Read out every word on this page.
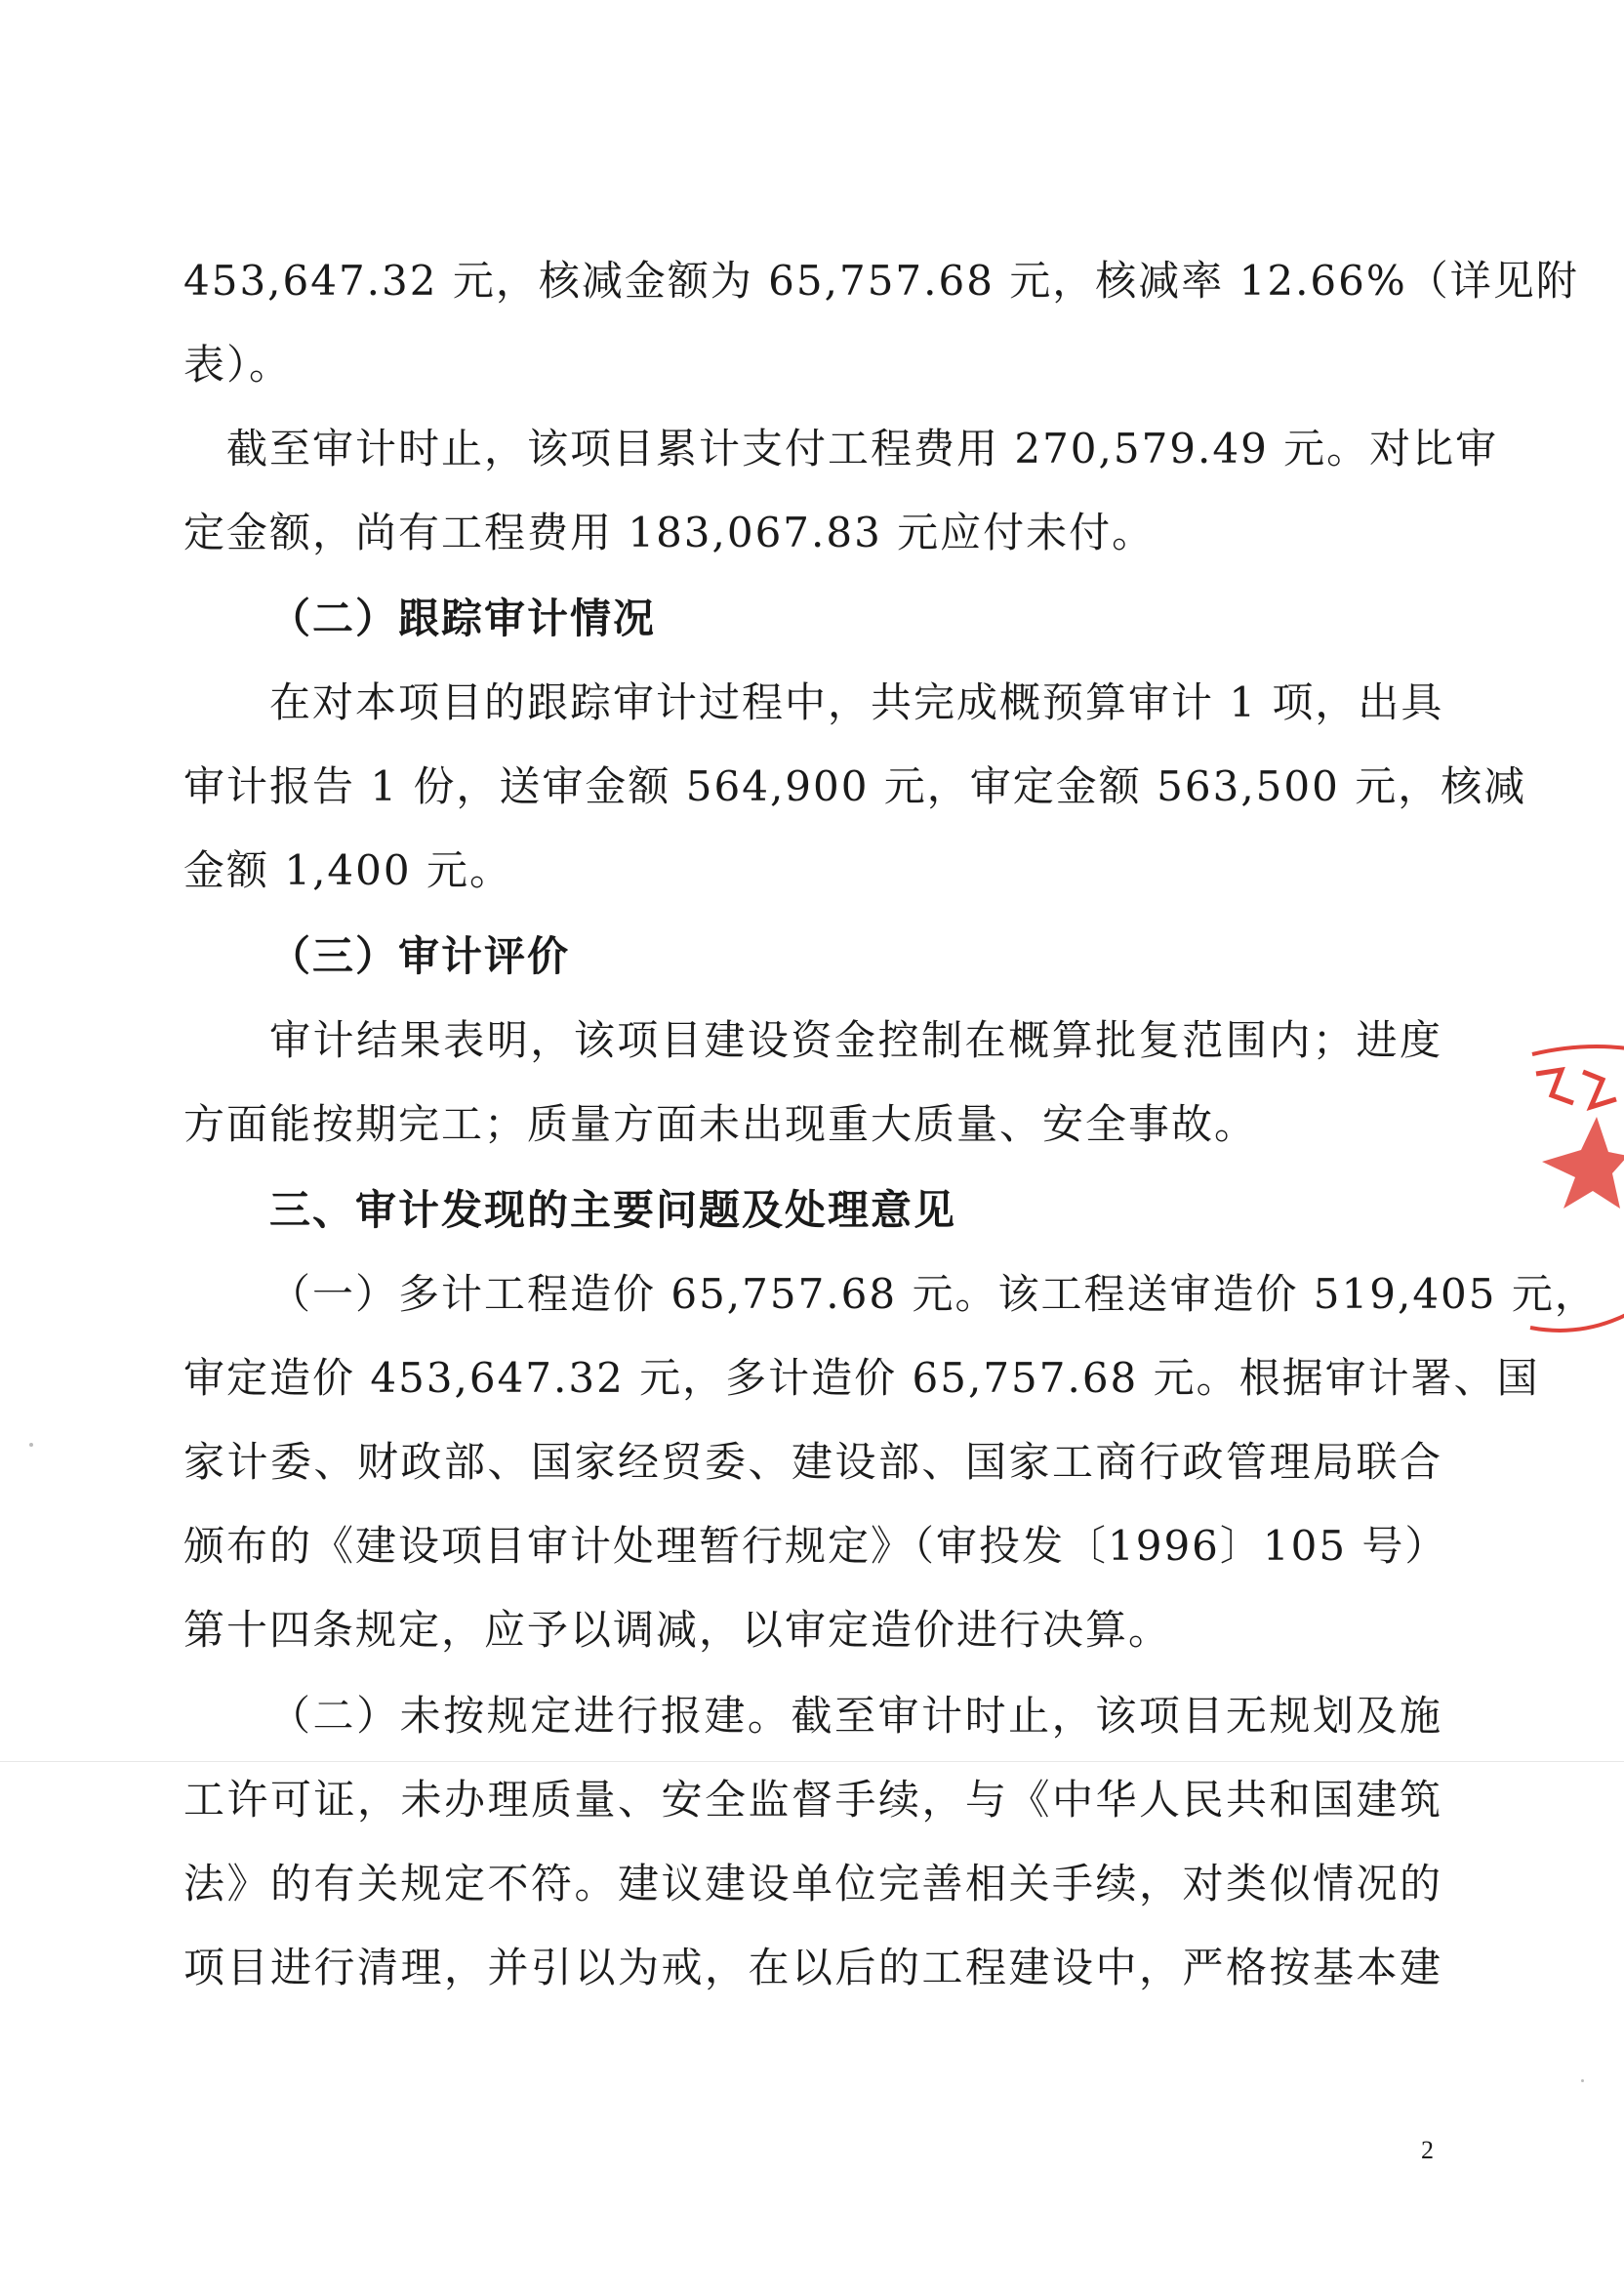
453,647.32 元，核减金额为 65,757.68 元，核减率 12.66%（详见附
表）。
截至审计时止，该项目累计支付工程费用 270,579.49 元。对比审
定金额，尚有工程费用 183,067.83 元应付未付。
（二）跟踪审计情况
在对本项目的跟踪审计过程中，共完成概预算审计 1 项，出具
审计报告 1 份，送审金额 564,900 元，审定金额 563,500 元，核减
金额 1,400 元。
（三）审计评价
审计结果表明，该项目建设资金控制在概算批复范围内；进度
方面能按期完工；质量方面未出现重大质量、安全事故。
三、审计发现的主要问题及处理意见
（一）多计工程造价 65,757.68 元。该工程送审造价 519,405 元，
审定造价 453,647.32 元，多计造价 65,757.68 元。根据审计署、国
家计委、财政部、国家经贸委、建设部、国家工商行政管理局联合
颁布的《建设项目审计处理暂行规定》（审投发〔1996〕105 号）
第十四条规定，应予以调减，以审定造价进行决算。
（二）未按规定进行报建。截至审计时止，该项目无规划及施
工许可证，未办理质量、安全监督手续，与《中华人民共和国建筑
法》的有关规定不符。建议建设单位完善相关手续，对类似情况的
项目进行清理，并引以为戒，在以后的工程建设中，严格按基本建
2
